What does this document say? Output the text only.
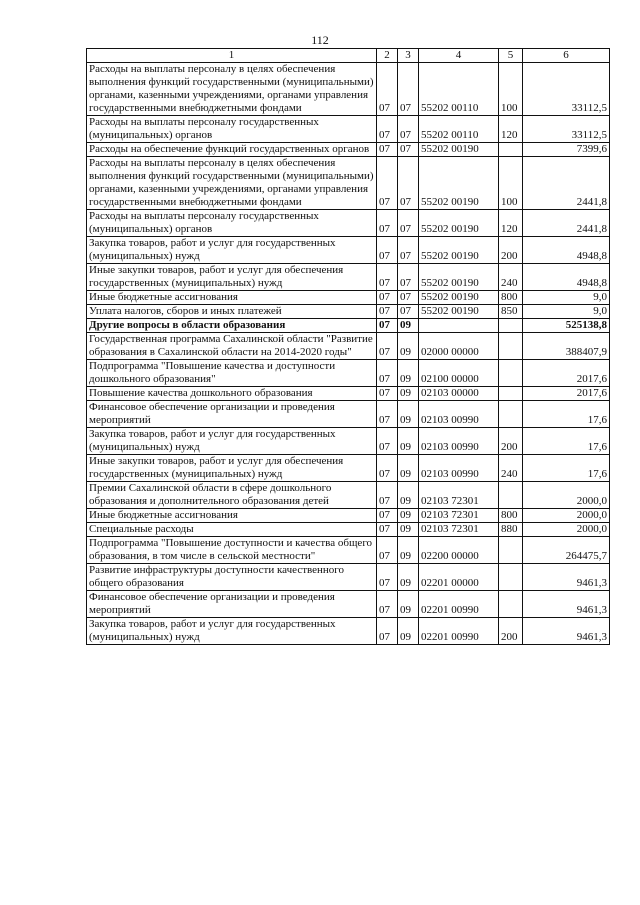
112
1	2	3	4	5	6
Расходы на выплаты персоналу в целях обеспечения выполнения функций государственными (муниципальными) органами, казенными учреждениями, органами управления государственными внебюджетными фондами	07	07	55202 00110	100	33112,5
Расходы на выплаты персоналу государственных (муниципальных) органов	07	07	55202 00110	120	33112,5
Расходы на обеспечение функций государственных органов	07	07	55202 00190		7399,6
Расходы на выплаты персоналу в целях обеспечения выполнения функций государственными (муниципальными) органами, казенными учреждениями, органами управления государственными внебюджетными фондами	07	07	55202 00190	100	2441,8
Расходы на выплаты персоналу государственных (муниципальных) органов	07	07	55202 00190	120	2441,8
Закупка товаров, работ и услуг для государственных (муниципальных) нужд	07	07	55202 00190	200	4948,8
Иные закупки товаров, работ и услуг для обеспечения государственных (муниципальных) нужд	07	07	55202 00190	240	4948,8
Иные бюджетные ассигнования	07	07	55202 00190	800	9,0
Уплата налогов, сборов и иных платежей	07	07	55202 00190	850	9,0
Другие вопросы в области образования	07	09			525138,8
Государственная программа Сахалинской области "Развитие образования в Сахалинской области на 2014-2020 годы"	07	09	02000 00000		388407,9
Подпрограмма "Повышение качества и доступности дошкольного образования"	07	09	02100 00000		2017,6
Повышение качества дошкольного образования	07	09	02103 00000		2017,6
Финансовое обеспечение организации и проведения мероприятий	07	09	02103 00990		17,6
Закупка товаров, работ и услуг для государственных (муниципальных) нужд	07	09	02103 00990	200	17,6
Иные закупки товаров, работ и услуг для обеспечения государственных (муниципальных) нужд	07	09	02103 00990	240	17,6
Премии Сахалинской области в сфере дошкольного образования и дополнительного образования детей	07	09	02103 72301		2000,0
Иные бюджетные ассигнования	07	09	02103 72301	800	2000,0
Специальные расходы	07	09	02103 72301	880	2000,0
Подпрограмма "Повышение доступности и качества общего образования, в том числе в сельской местности"	07	09	02200 00000		264475,7
Развитие инфраструктуры доступности качественного общего образования	07	09	02201 00000		9461,3
Финансовое обеспечение организации и проведения мероприятий	07	09	02201 00990		9461,3
Закупка товаров, работ и услуг для государственных (муниципальных) нужд	07	09	02201 00990	200	9461,3
